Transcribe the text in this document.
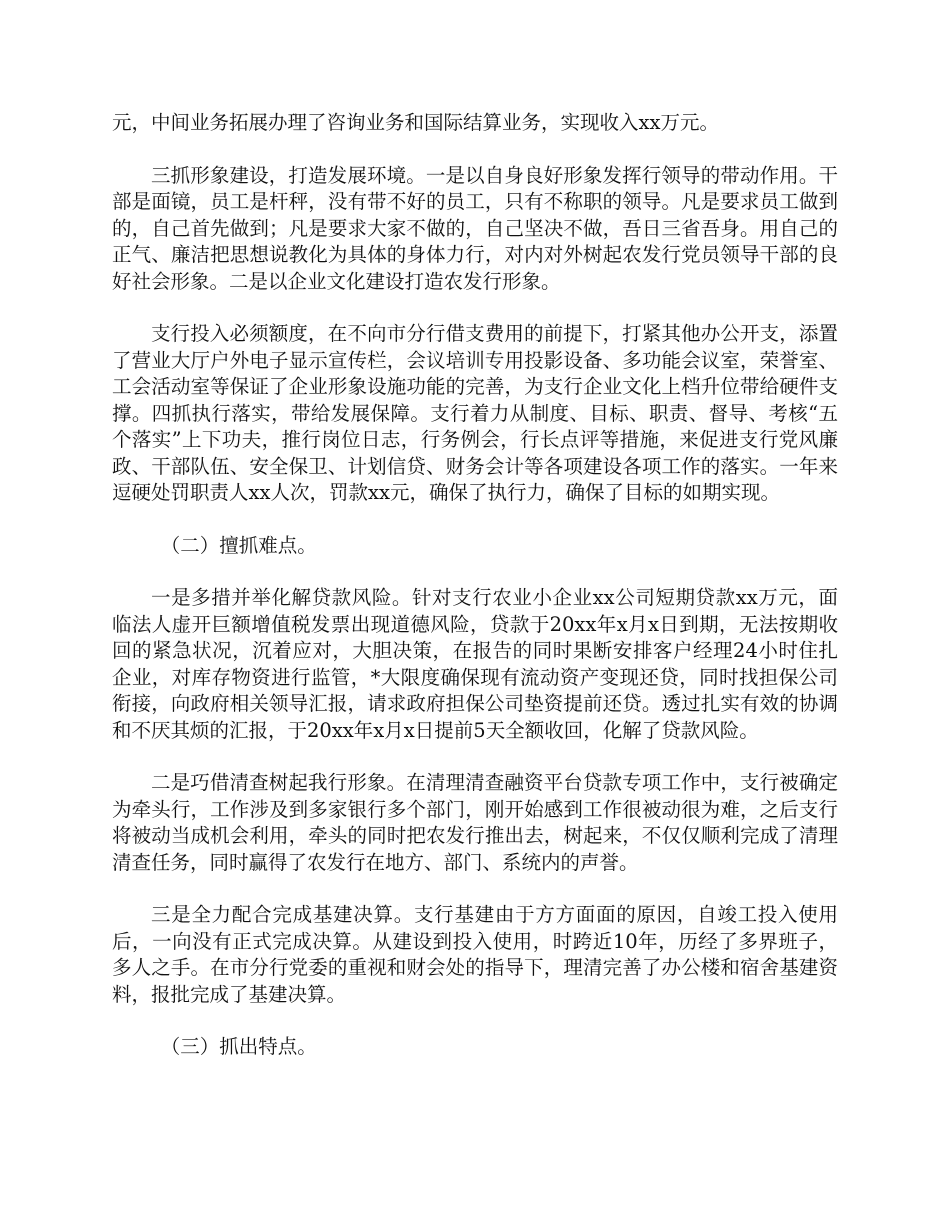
元，中间业务拓展办理了咨询业务和国际结算业务，实现收入xx万元。

三抓形象建设，打造发展环境。一是以自身良好形象发挥行领导的带动作用。干部是面镜，员工是杆秤，没有带不好的员工，只有不称职的领导。凡是要求员工做到的，自己首先做到；凡是要求大家不做的，自己坚决不做，吾日三省吾身。用自己的正气、廉洁把思想说教化为具体的身体力行，对内对外树起农发行党员领导干部的良好社会形象。二是以企业文化建设打造农发行形象。

支行投入必须额度，在不向市分行借支费用的前提下，打紧其他办公开支，添置了营业大厅户外电子显示宣传栏，会议培训专用投影设备、多功能会议室，荣誉室、工会活动室等保证了企业形象设施功能的完善，为支行企业文化上档升位带给硬件支撑。四抓执行落实，带给发展保障。支行着力从制度、目标、职责、督导、考核“五个落实”上下功夫，推行岗位日志，行务例会，行长点评等措施，来促进支行党风廉政、干部队伍、安全保卫、计划信贷、财务会计等各项建设各项工作的落实。一年来逗硬处罚职责人xx人次，罚款xx元，确保了执行力，确保了目标的如期实现。

（二）擅抓难点。

一是多措并举化解贷款风险。针对支行农业小企业xx公司短期贷款xx万元，面临法人虚开巨额增值税发票出现道德风险，贷款于20xx年x月x日到期，无法按期收回的紧急状况，沉着应对，大胆决策，在报告的同时果断安排客户经理24小时住扎企业，对库存物资进行监管，*大限度确保现有流动资产变现还贷，同时找担保公司衔接，向政府相关领导汇报，请求政府担保公司垫资提前还贷。透过扎实有效的协调和不厌其烦的汇报，于20xx年x月x日提前5天全额收回，化解了贷款风险。

二是巧借清查树起我行形象。在清理清查融资平台贷款专项工作中，支行被确定为牵头行，工作涉及到多家银行多个部门，刚开始感到工作很被动很为难，之后支行将被动当成机会利用，牵头的同时把农发行推出去，树起来，不仅仅顺利完成了清理清查任务，同时赢得了农发行在地方、部门、系统内的声誉。

三是全力配合完成基建决算。支行基建由于方方面面的原因，自竣工投入使用后，一向没有正式完成决算。从建设到投入使用，时跨近10年，历经了多界班子，多人之手。在市分行党委的重视和财会处的指导下，理清完善了办公楼和宿舍基建资料，报批完成了基建决算。

（三）抓出特点。
